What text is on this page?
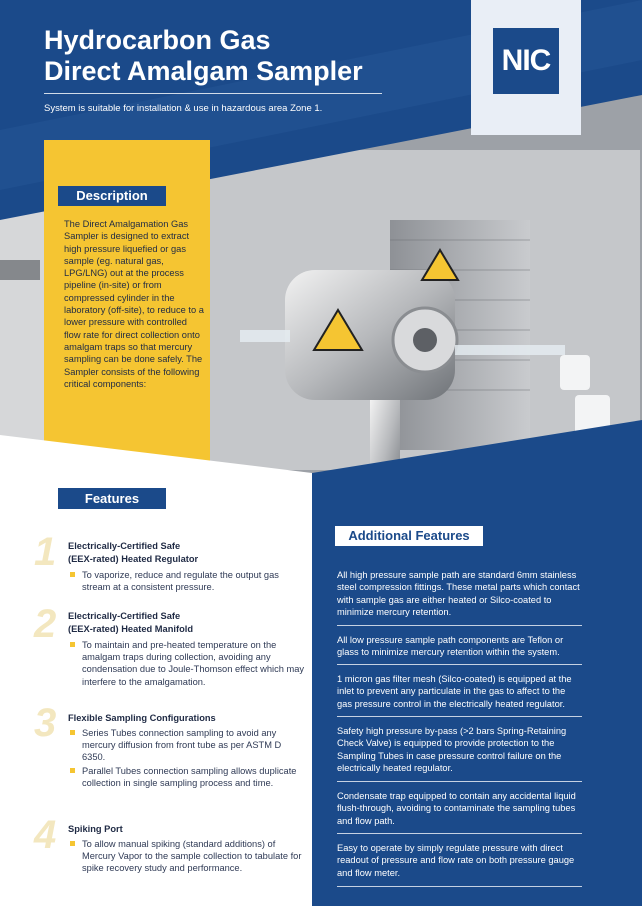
NIC
Hydrocarbon Gas
Direct Amalgam Sampler
System is suitable for installation & use in hazardous area Zone 1.
Description
The Direct Amalgamation Gas Sampler is designed to extract high pressure liquefied or gas sample (eg. natural gas, LPG/LNG) out at the process pipeline (in-site) or from compressed cylinder in the laboratory (off-site), to reduce to a lower pressure with controlled flow rate for direct collection onto amalgam traps so that mercury sampling can be done safely. The Sampler consists of the following critical components:
Features
1 Electrically-Certified Safe
(EEX-rated) Heated Regulator
To vaporize, reduce and regulate the output gas stream at a consistent pressure.
2 Electrically-Certified Safe
(EEX-rated) Heated Manifold
To maintain and pre-heated temperature on the amalgam traps during collection, avoiding any condensation due to Joule-Thomson effect which may interfere to the amalgamation.
3 Flexible Sampling Configurations
Series Tubes connection sampling to avoid any mercury diffusion from front tube as per ASTM D 6350.
Parallel Tubes connection sampling allows duplicate collection in single sampling process and time.
4 Spiking Port
To allow manual spiking (standard additions) of Mercury Vapor to the sample collection to tabulate for spike recovery study and performance.
Additional Features
All high pressure sample path are standard 6mm stainless steel compression fittings. These metal parts which contact with sample gas are either heated or Silco-coated to minimize mercury retention.
All low pressure sample path components are Teflon or glass to minimize mercury retention within the system.
1 micron gas filter mesh (Silco-coated) is equipped at the inlet to prevent any particulate in the gas to affect to the gas pressure control in the electrically heated regulator.
Safety high pressure by-pass (>2 bars Spring-Retaining Check Valve) is equipped to provide protection to the Sampling Tubes in case pressure control failure on the electrically heated regulator.
Condensate trap equipped to contain any accidental liquid flush-through, avoiding to contaminate the sampling tubes and flow path.
Easy to operate by simply regulate pressure with direct readout of pressure and flow rate on both pressure gauge and flow meter.
